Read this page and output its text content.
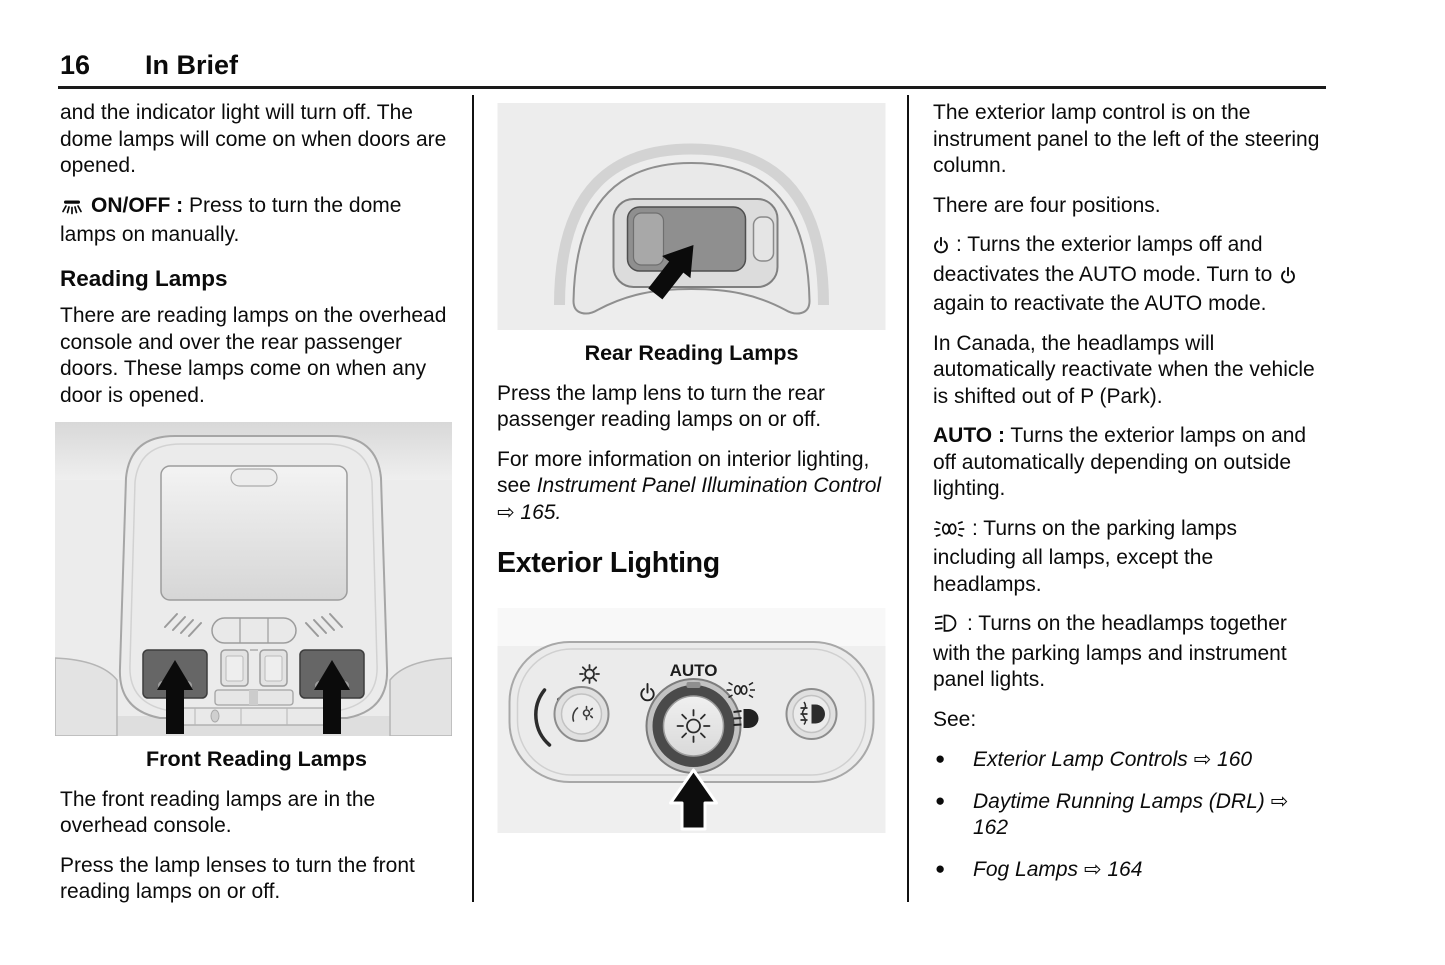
16 In Brief

and the indicator light will turn off. The dome lamps will come on when doors are opened.

ON/OFF : Press to turn the dome lamps on manually.

Reading Lamps

There are reading lamps on the overhead console and over the rear passenger doors. These lamps come on when any door is opened.

Front Reading Lamps

The front reading lamps are in the overhead console.

Press the lamp lenses to turn the front reading lamps on or off.

Rear Reading Lamps

Press the lamp lens to turn the rear passenger reading lamps on or off.

For more information on interior lighting, see Instrument Panel Illumination Control ⇨ 165.

Exterior Lighting
AUTO

The exterior lamp control is on the instrument panel to the left of the steering column.

There are four positions.

: Turns the exterior lamps off and deactivates the AUTO mode. Turn to again to reactivate the AUTO mode.

In Canada, the headlamps will automatically reactivate when the vehicle is shifted out of P (Park).

AUTO : Turns the exterior lamps on and off automatically depending on outside lighting.

: Turns on the parking lamps including all lamps, except the headlamps.

: Turns on the headlamps together with the parking lamps and instrument panel lights.

See:

● Exterior Lamp Controls ⇨ 160
● Daytime Running Lamps (DRL) ⇨ 162
● Fog Lamps ⇨ 164
